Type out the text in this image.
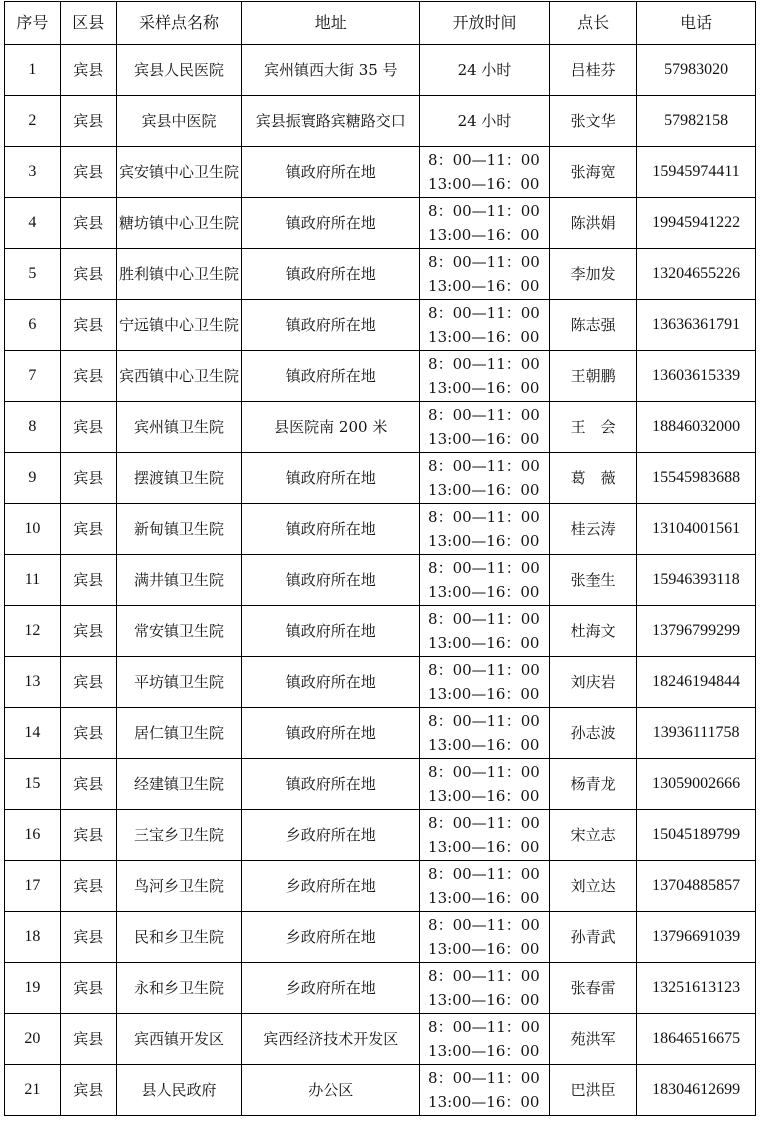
序号	区县	采样点名称	地址	开放时间	点长	电话
1	宾县	宾县人民医院	宾州镇西大街 35 号	24 小时	吕桂芬	57983020
2	宾县	宾县中医院	宾县振寰路宾糖路交口	24 小时	张文华	57982158
3	宾县	宾安镇中心卫生院	镇政府所在地	8：00—11：00
13:00—16：00	张海宽	15945974411
4	宾县	糖坊镇中心卫生院	镇政府所在地	8：00—11：00
13:00—16：00	陈洪娟	19945941222
5	宾县	胜利镇中心卫生院	镇政府所在地	8：00—11：00
13:00—16：00	李加发	13204655226
6	宾县	宁远镇中心卫生院	镇政府所在地	8：00—11：00
13:00—16：00	陈志强	13636361791
7	宾县	宾西镇中心卫生院	镇政府所在地	8：00—11：00
13:00—16：00	王朝鹏	13603615339
8	宾县	宾州镇卫生院	县医院南 200 米	8：00—11：00
13:00—16：00	王　会	18846032000
9	宾县	摆渡镇卫生院	镇政府所在地	8：00—11：00
13:00—16：00	葛　薇	15545983688
10	宾县	新甸镇卫生院	镇政府所在地	8：00—11：00
13:00—16：00	桂云涛	13104001561
11	宾县	满井镇卫生院	镇政府所在地	8：00—11：00
13:00—16：00	张奎生	15946393118
12	宾县	常安镇卫生院	镇政府所在地	8：00—11：00
13:00—16：00	杜海文	13796799299
13	宾县	平坊镇卫生院	镇政府所在地	8：00—11：00
13:00—16：00	刘庆岩	18246194844
14	宾县	居仁镇卫生院	镇政府所在地	8：00—11：00
13:00—16：00	孙志波	13936111758
15	宾县	经建镇卫生院	镇政府所在地	8：00—11：00
13:00—16：00	杨青龙	13059002666
16	宾县	三宝乡卫生院	乡政府所在地	8：00—11：00
13:00—16：00	宋立志	15045189799
17	宾县	鸟河乡卫生院	乡政府所在地	8：00—11：00
13:00—16：00	刘立达	13704885857
18	宾县	民和乡卫生院	乡政府所在地	8：00—11：00
13:00—16：00	孙青武	13796691039
19	宾县	永和乡卫生院	乡政府所在地	8：00—11：00
13:00—16：00	张春雷	13251613123
20	宾县	宾西镇开发区	宾西经济技术开发区	8：00—11：00
13:00—16：00	苑洪军	18646516675
21	宾县	县人民政府	办公区	8：00—11：00
13:00—16：00	巴洪臣	18304612699
